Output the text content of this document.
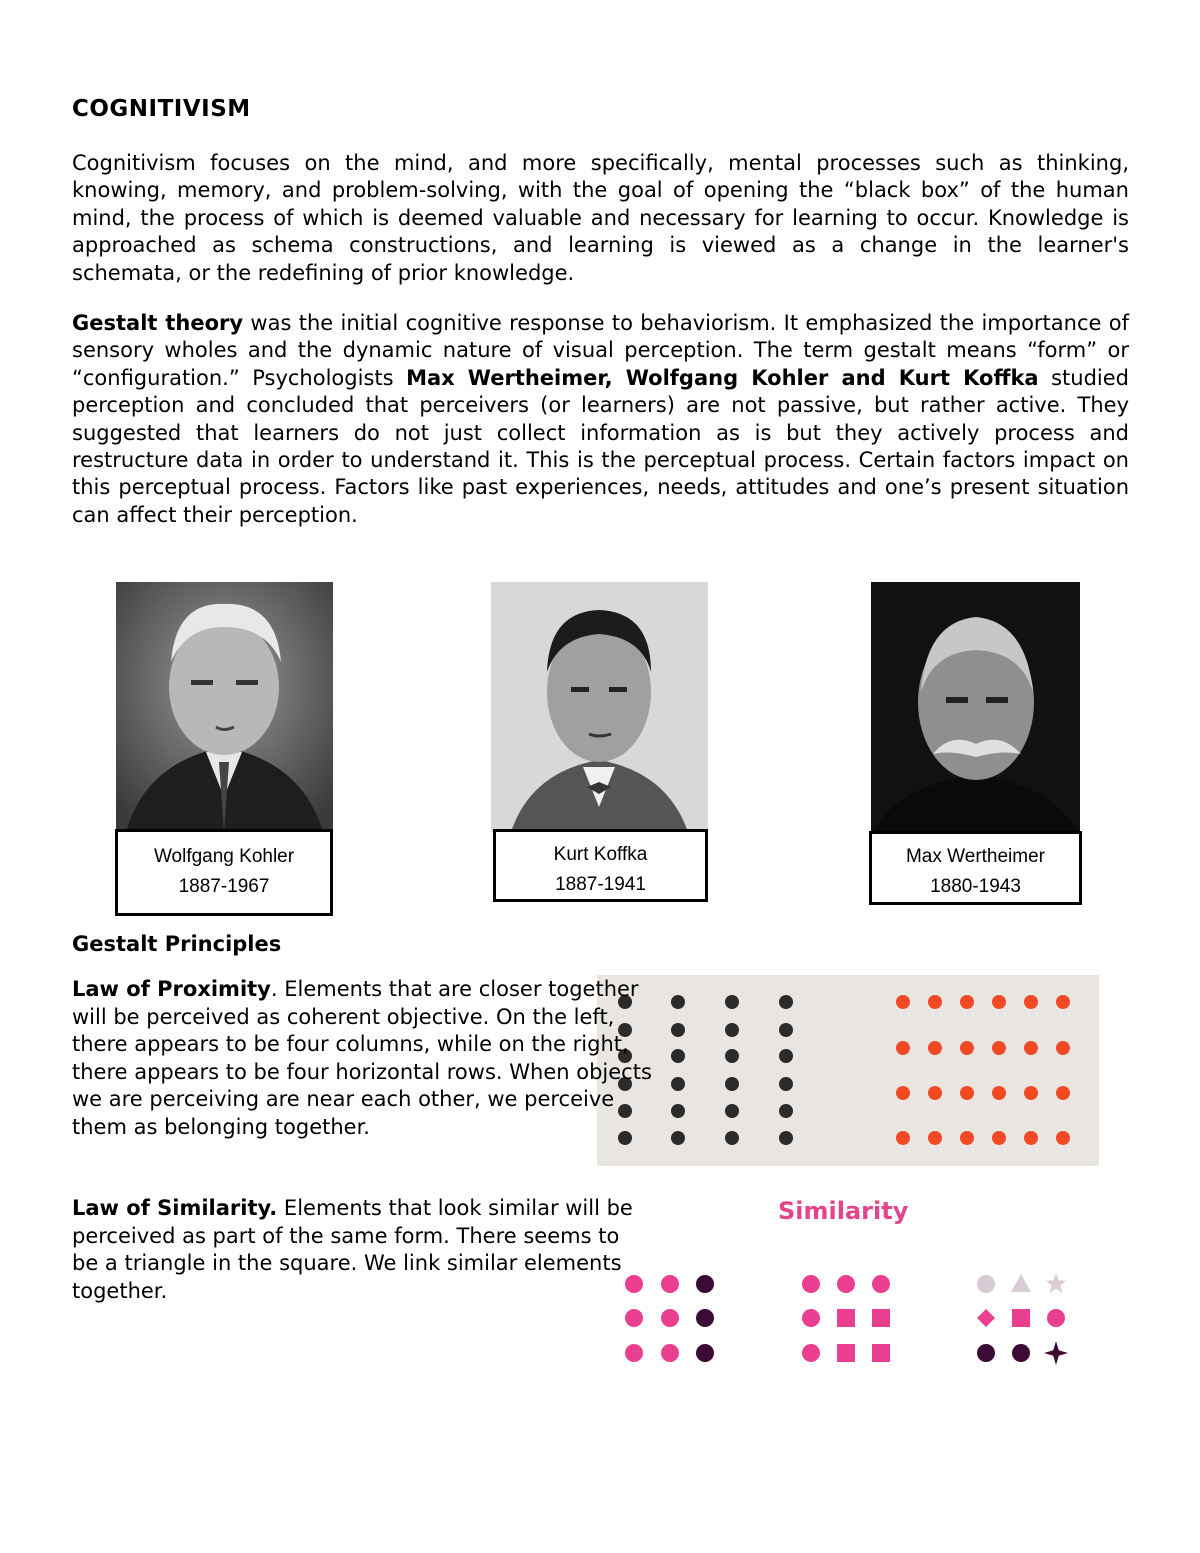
COGNITIVISM
Cognitivism focuses on the mind, and more specifically, mental processes such as thinking, knowing, memory, and problem-solving, with the goal of opening the “black box” of the human mind, the process of which is deemed valuable and necessary for learning to occur. Knowledge is approached as schema constructions, and learning is viewed as a change in the learner's schemata, or the redefining of prior knowledge.
Gestalt theory was the initial cognitive response to behaviorism. It emphasized the importance of sensory wholes and the dynamic nature of visual perception. The term gestalt means “form” or “configuration.” Psychologists Max Wertheimer, Wolfgang Kohler and Kurt Koffka studied perception and concluded that perceivers (or learners) are not passive, but rather active. They suggested that learners do not just collect information as is but they actively process and restructure data in order to understand it. This is the perceptual process. Certain factors impact on this perceptual process. Factors like past experiences, needs, attitudes and one’s present situation can affect their perception.
Wolfgang Kohler
1887-1967
Kurt Koffka
1887-1941
Max Wertheimer
1880-1943
Gestalt Principles
Law of Proximity. Elements that are closer together will be perceived as coherent objective. On the left, there appears to be four columns, while on the right, there appears to be four horizontal rows. When objects we are perceiving are near each other, we perceive them as belonging together.
Similarity
Law of Similarity. Elements that look similar will be perceived as part of the same form. There seems to be a triangle in the square. We link similar elements together.
